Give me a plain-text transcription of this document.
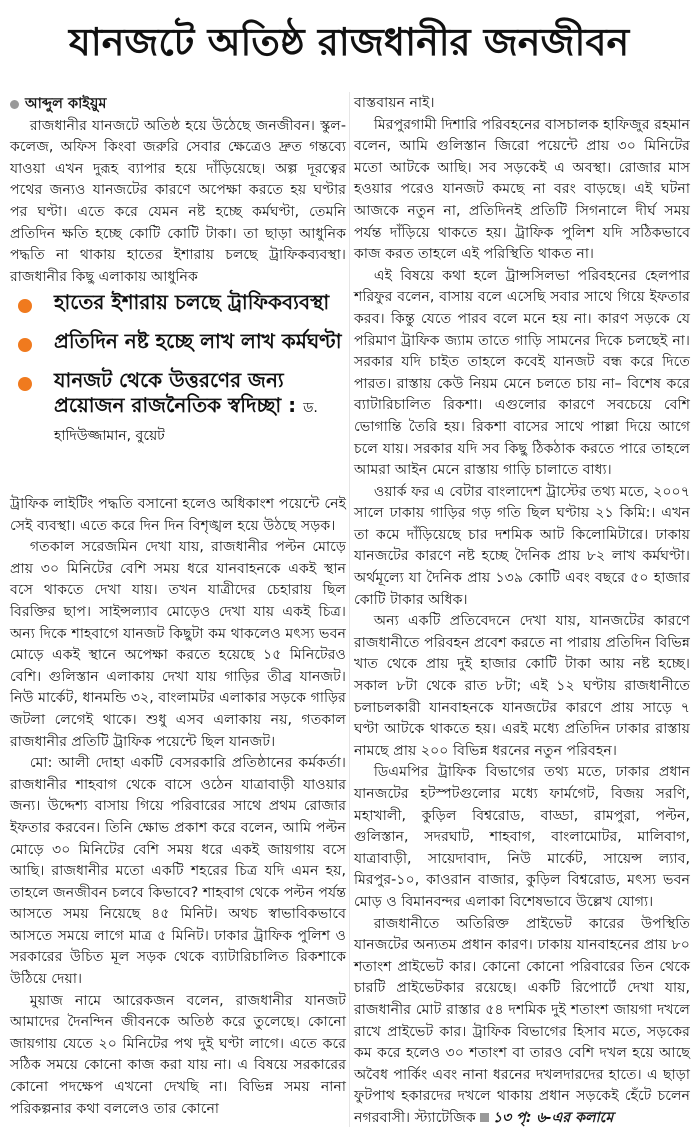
যানজটে অতিষ্ঠ রাজধানীর জনজীবন
আব্দুল কাইয়ুম

রাজধানীর যানজটে অতিষ্ঠ হয়ে উঠেছে জনজীবন। স্কুল-কলেজ, অফিস কিংবা জরুরি সেবার ক্ষেত্রেও দ্রুত গন্তব্যে যাওয়া এখন দুরূহ ব্যাপার হয়ে দাঁড়িয়েছে। অল্প দূরত্বের পথের জন্যও যানজটের কারণে অপেক্ষা করতে হয় ঘণ্টার পর ঘণ্টা। এতে করে যেমন নষ্ট হচ্ছে কর্মঘণ্টা, তেমনি প্রতিদিন ক্ষতি হচ্ছে কোটি কোটি টাকা। তা ছাড়া আধুনিক পদ্ধতি না থাকায় হাতের ইশারায় চলছে ট্রাফিকব্যবস্থা। রাজধানীর কিছু এলাকায় আধুনিক

হাতের ইশারায় চলছে ট্রাফিকব্যবস্থা
প্রতিদিন নষ্ট হচ্ছে লাখ লাখ কর্মঘণ্টা
যানজট থেকে উত্তরণের জন্য প্রয়োজন রাজনৈতিক স্বদিচ্ছা : ড. হাদিউজ্জামান, বুয়েট

ট্রাফিক লাইটিং পদ্ধতি বসানো হলেও অধিকাংশ পয়েন্টে নেই সেই ব্যবস্থা। এতে করে দিন দিন বিশৃঙ্খল হয়ে উঠছে সড়ক।

গতকাল সরেজমিন দেখা যায়, রাজধানীর পল্টন মোড়ে প্রায় ৩০ মিনিটের বেশি সময় ধরে যানবাহনকে একই স্থান বসে থাকতে দেখা যায়। তখন যাত্রীদের চেহারায় ছিল বিরক্তির ছাপ। সাইন্সল্যাব মোড়েও দেখা যায় একই চিত্র। অন্য দিকে শাহবাগে যানজট কিছুটা কম থাকলেও মৎস্য ভবন মোড়ে একই স্থানে অপেক্ষা করতে হয়েছে ১৫ মিনিটেরও বেশি। গুলিস্তান এলাকায় দেখা যায় গাড়ির তীব্র যানজট। নিউ মার্কেট, ধানমন্ডি ৩২, বাংলামটর এলাকার সড়কে গাড়ির জটলা লেগেই থাকে। শুধু এসব এলাকায় নয়, গতকাল রাজধানীর প্রতিটি ট্রাফিক পয়েন্টে ছিল যানজট।

মো: আলী দোহা একটি বেসরকারি প্রতিষ্ঠানের কর্মকর্তা। রাজধানীর শাহবাগ থেকে বাসে ওঠেন যাত্রাবাড়ী যাওয়ার জন্য। উদ্দেশ্য বাসায় গিয়ে পরিবারের সাথে প্রথম রোজার ইফতার করবেন। তিনি ক্ষোভ প্রকাশ করে বলেন, আমি পল্টন মোড়ে ৩০ মিনিটের বেশি সময় ধরে একই জায়গায় বসে আছি। রাজধানীর মতো একটি শহরের চিত্র যদি এমন হয়, তাহলে জনজীবন চলবে কিভাবে? শাহবাগ থেকে পল্টন পর্যন্ত আসতে সময় নিয়েছে ৪৫ মিনিট। অথচ স্বাভাবিকভাবে আসতে সময়ে লাগে মাত্র ৫ মিনিট। ঢাকার ট্রাফিক পুলিশ ও সরকারের উচিত মূল সড়ক থেকে ব্যাটারিচালিত রিকশাকে উঠিয়ে দেয়া।

মুয়াজ নামে আরেকজন বলেন, রাজধানীর যানজট আমাদের দৈনন্দিন জীবনকে অতিষ্ঠ করে তুলেছে। কোনো জায়গায় যেতে ২০ মিনিটের পথ দুই ঘণ্টা লাগে। এতে করে সঠিক সময়ে কোনো কাজ করা যায় না। এ বিষয়ে সরকারের কোনো পদক্ষেপ এখনো দেখছি না। বিভিন্ন সময় নানা পরিকল্পনার কথা বললেও তার কোনো

বাস্তবায়ন নাই।

মিরপুরগামী দিশারি পরিবহনের বাসচালক হাফিজুর রহমান বলেন, আমি গুলিস্তান জিরো পয়েন্টে প্রায় ৩০ মিনিটের মতো আটকে আছি। সব সড়কেই এ অবস্থা। রোজার মাস হওয়ার পরেও যানজট কমছে না বরং বাড়ছে। এই ঘটনা আজকে নতুন না, প্রতিদিনই প্রতিটি সিগনালে দীর্ঘ সময় পর্যন্ত দাঁড়িয়ে থাকতে হয়। ট্রাফিক পুলিশ যদি সঠিকভাবে কাজ করত তাহলে এই পরিস্থিতি থাকত না।

এই বিষয়ে কথা হলে ট্রান্সসিলভা পরিবহনের হেলপার শরিফুর বলেন, বাসায় বলে এসেছি সবার সাথে গিয়ে ইফতার করব। কিন্তু যেতে পারব বলে মনে হয় না। কারণ সড়কে যে পরিমাণ ট্রাফিক জ্যাম তাতে গাড়ি সামনের দিকে চলছেই না। সরকার যদি চাইত তাহলে কবেই যানজট বন্ধ করে দিতে পারত। রাস্তায় কেউ নিয়ম মেনে চলতে চায় না– বিশেষ করে ব্যাটারিচালিত রিকশা। এগুলোর কারণে সবচেয়ে বেশি ভোগান্তি তৈরি হয়। রিকশা বাসের সাথে পাল্লা দিয়ে আগে চলে যায়। সরকার যদি সব কিছু ঠিকঠাক করতে পারে তাহলে আমরা আইন মেনে রাস্তায় গাড়ি চালাতে বাধ্য।

ওয়ার্ক ফর এ বেটার বাংলাদেশ ট্রাস্টের তথ্য মতে, ২০০৭ সালে ঢাকায় গাড়ির গড় গতি ছিল ঘণ্টায় ২১ কিমি:। এখন তা কমে দাঁড়িয়েছে চার দশমিক আট কিলোমিটারে। ঢাকায় যানজটের কারণে নষ্ট হচ্ছে দৈনিক প্রায় ৮২ লাখ কর্মঘণ্টা। অর্থমূল্যে যা দৈনিক প্রায় ১৩৯ কোটি এবং বছরে ৫০ হাজার কোটি টাকার অধিক।

অন্য একটি প্রতিবেদনে দেখা যায়, যানজটের কারণে রাজধানীতে পরিবহন প্রবেশ করতে না পারায় প্রতিদিন বিভিন্ন খাত থেকে প্রায় দুই হাজার কোটি টাকা আয় নষ্ট হচ্ছে। সকাল ৮টা থেকে রাত ৮টা; এই ১২ ঘণ্টায় রাজধানীতে চলাচলকারী যানবাহনকে যানজটের কারণে প্রায় সাড়ে ৭ ঘণ্টা আটকে থাকতে হয়। এরই মধ্যে প্রতিদিন ঢাকার রাস্তায় নামছে প্রায় ২০০ বিভিন্ন ধরনের নতুন পরিবহন।

ডিএমপির ট্রাফিক বিভাগের তথ্য মতে, ঢাকার প্রধান যানজটের হটস্পটগুলোর মধ্যে ফার্মগেট, বিজয় সরণি, মহাখালী, কুড়িল বিশ্বরোড, বাড্ডা, রামপুরা, পল্টন, গুলিস্তান, সদরঘাট, শাহবাগ, বাংলামোটর, মালিবাগ, যাত্রাবাড়ী, সায়েদাবাদ, নিউ মার্কেট, সায়েন্স ল্যাব, মিরপুর-১০, কাওরান বাজার, কুড়িল বিশ্বরোড, মৎস্য ভবন মোড় ও বিমানবন্দর এলাকা বিশেষভাবে উল্লেখ যোগ্য।

রাজধানীতে অতিরিক্ত প্রাইভেট কারের উপস্থিতি যানজটের অন্যতম প্রধান কারণ। ঢাকায় যানবাহনের প্রায় ৮০ শতাংশ প্রাইভেট কার। কোনো কোনো পরিবারের তিন থেকে চারটি প্রাইভেটকার রয়েছে। একটি রিপোর্টে দেখা যায়, রাজধানীর মোট রাস্তার ৫৪ দশমিক দুই শতাংশ জায়গা দখলে রাখে প্রাইভেট কার। ট্রাফিক বিভাগের হিসাব মতে, সড়কের কম করে হলেও ৩০ শতাংশ বা তারও বেশি দখল হয়ে আছে অবৈধ পার্কিং এবং নানা ধরনের দখলদারদের হাতে। এ ছাড়া ফুটপাথ হকারদের দখলে থাকায় প্রধান সড়কেই হেঁটে চলেন নগরবাসী। স্ট্যাটেজিক ১৩ পৃ: ৬-এর কলামে
